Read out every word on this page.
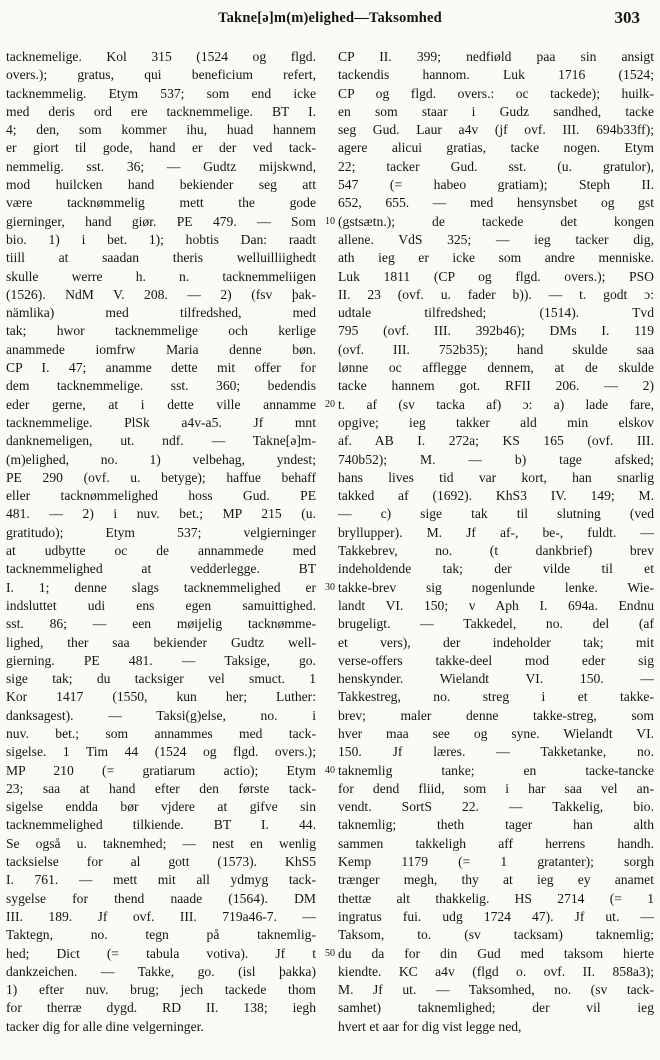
Takne[ə]m(m)elighed—Taksomhed	303
tacknemelige. Kol 315 (1524 og flgd.
overs.); gratus, qui beneficium refert,
tacknemmelig. Etym 537; som end icke
med deris ord ere tacknemmelige. BT I.
4; den, som kommer ihu, huad hannem
er giort til gode, hand er der ved tack-
nemmelig. sst. 36; — Gudtz mijskwnd,
mod huilcken hand bekiender seg att
være tacknømmelig mett the gode
gierninger, hand giør. PE 479. — Som
bio. 1) i bet. 1); hobtis Dan: raadt
tiill at saadan theris welluilliighedt
skulle werre h. n. tacknemmeliigen
(1526). NdM V. 208. — 2) (fsv þak-
nämlika) med tilfredshed, med
tak; hwor tacknemmelige och kerlige
anammede iomfrw Maria denne bøn.
CP I. 47; anamme dette mit offer for
dem tacknemmelige. sst. 360; bedendis
eder gerne, at i dette ville annamme
tacknemmelige. PlSk a4v-a5. Jf mnt
danknemeligen, ut. ndf. — Takne[ə]m-
(m)elighed, no. 1) velbehag, yndest;
PE 290 (ovf. u. betyge); haffue behaff
eller tacknømmelighed hoss Gud. PE
481. — 2) i nuv. bet.; MP 215 (u.
gratitudo); Etym 537; velgierninger
at udbytte oc de annammede med
tacknemmelighed at vedderlegge. BT
I. 1; denne slags tacknemmelighed er
indsluttet udi ens egen samuittighed.
sst. 86; — een møijelig tacknømme-
lighed, ther saa bekiender Gudtz well-
gierning. PE 481. — Taksige, go.
sige tak; du tacksiger vel smuct. 1
Kor 1417 (1550, kun her; Luther:
danksagest). — Taksi(g)else, no. i
nuv. bet.; som annammes med tack-
sigelse. 1 Tim 44 (1524 og flgd. overs.);
MP 210 (= gratiarum actio); Etym
23; saa at hand efter den første tack-
sigelse endda bør vjdere at gifve sin
tacknemmelighed tilkiende. BT I. 44.
Se også u. taknemhed; — nest en wenlig
tacksielse for al gott (1573). KhS5
I. 761. — mett mit all ydmyg tack-
sygelse for thend naade (1564). DM
III. 189. Jf ovf. III. 719a46-7. —
Taktegn, no. tegn på taknemlig-
hed; Dict (= tabula votiva). Jf t
dankzeichen. — Takke, go. (isl þakka)
1) efter nuv. brug; jech tackede thom
for therræ dygd. RD II. 138; iegh
tacker dig for alle dine velgerninger.
10
20
30
40
50
CP II. 399; nedfiøld paa sin ansigt
tackendis hannom. Luk 1716 (1524;
CP og flgd. overs.: oc tackede); huilk-
en som staar i Gudz sandhed, tacke
seg Gud. Laur a4v (jf ovf. III. 694b33ff);
agere alicui gratias, tacke nogen. Etym
22; tacker Gud. sst. (u. gratulor),
547 (= habeo gratiam); Steph II.
652, 655. — med hensynsbet og gst
(gstsætn.); de tackede det kongen
allene. VdS 325; — ieg tacker dig,
ath ieg er icke som andre menniske.
Luk 1811 (CP og flgd. overs.); PSO
II. 23 (ovf. u. fader b)). — t. godt ɔ:
udtale tilfredshed; (1514). Tvd
795 (ovf. III. 392b46); DMs I. 119
(ovf. III. 752b35); hand skulde saa
lønne oc afflegge dennem, at de skulde
tacke hannem got. RFII 206. — 2)
t. af (sv tacka af) ɔ: a) lade fare,
opgive; ieg takker ald min elskov
af. AB I. 272a; KS 165 (ovf. III.
740b52); M. — b) tage afsked;
hans lives tid var kort, han snarlig
takked af (1692). KhS3 IV. 149; M.
— c) sige tak til slutning (ved
bryllupper). M. Jf af-, be-, fuldt. —
Takkebrev, no. (t dankbrief) brev
indeholdende tak; der vilde til et
takke-brev sig nogenlunde lenke. Wie-
landt VI. 150; v Aph I. 694a. Endnu
brugeligt. — Takkedel, no. del (af
et vers), der indeholder tak; mit
verse-offers takke-deel mod eder sig
henskynder. Wielandt VI. 150. —
Takkestreg, no. streg i et takke-
brev; maler denne takke-streg, som
hver maa see og syne. Wielandt VI.
150. Jf læres. — Takketanke, no.
taknemlig tanke; en tacke-tancke
for dend fliid, som i har saa vel an-
vendt. SortS 22. — Takkelig, bio.
taknemlig; theth tager han alth
sammen takkeligh aff herrens handh.
Kemp 1179 (= 1 gratanter); sorgh
trænger megh, thy at ieg ey anamet
thettæ alt thakkelig. HS 2714 (= 1
ingratus fui. udg 1724 47). Jf ut. —
Taksom, to. (sv tacksam) taknemlig;
du da for din Gud med taksom hierte
kiendte. KC a4v (flgd o. ovf. II. 858a3);
M. Jf ut. — Taksomhed, no. (sv tack-
samhet) taknemlighed; der vil ieg
hvert et aar for dig vist legge ned,
